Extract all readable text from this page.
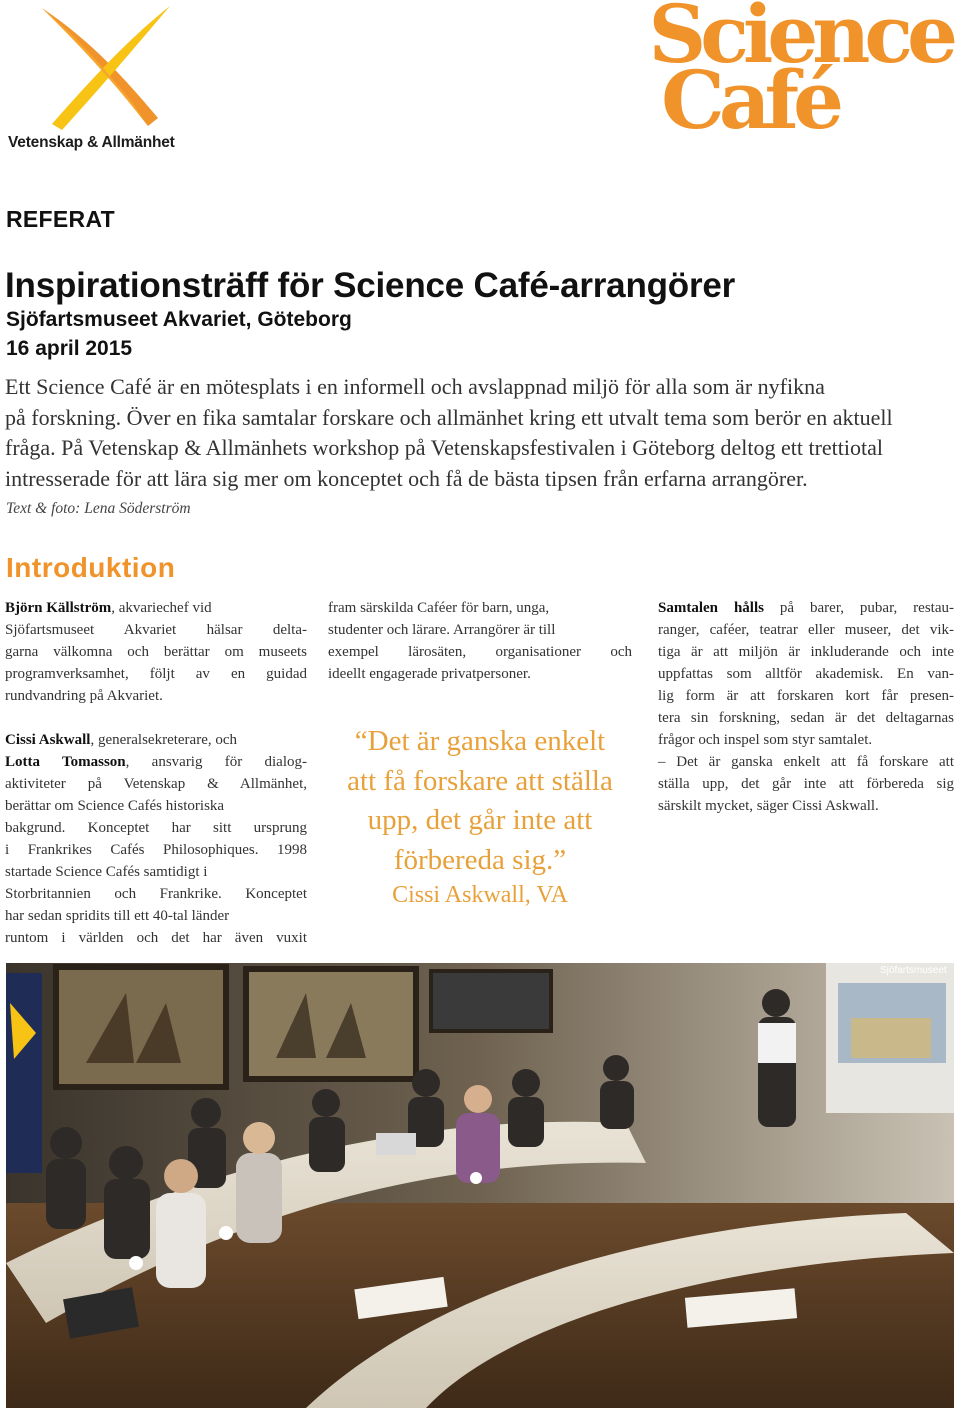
Vetenskap & Allmänhet
Science
Café
REFERAT
Inspirationsträff för Science Café-arrangörer
Sjöfartsmuseet Akvariet, Göteborg
16 april 2015
Ett Science Café är en mötesplats i en informell och avslappnad miljö för alla som är nyfikna
på forskning. Över en fika samtalar forskare och allmänhet kring ett utvalt tema som berör en aktuell
fråga. På Vetenskap & Allmänhets workshop på Vetenskapsfestivalen i Göteborg deltog ett trettiotal
intresserade för att lära sig mer om konceptet och få de bästa tipsen från erfarna arrangörer.
Text & foto: Lena Söderström
Introduktion

Björn Källström, akvariechef vid
Sjöfartsmuseet Akvariet hälsar delta-
garna välkomna och berättar om museets
programverksamhet, följt av en guidad
rundvandring på Akvariet.

Cissi Askwall, generalsekreterare, och
Lotta Tomasson, ansvarig för dialog-
aktiviteter på Vetenskap & Allmänhet,
berättar om Science Cafés historiska
bakgrund. Konceptet har sitt ursprung
i Frankrikes Cafés Philosophiques. 1998
startade Science Cafés samtidigt i
Storbritannien och Frankrike. Konceptet
har sedan spridits till ett 40-tal länder
runtom i världen och det har även vuxit

fram särskilda Caféer för barn, unga,
studenter och lärare. Arrangörer är till
exempel lärosäten, organisationer och
ideellt engagerade privatpersoner.
“Det är ganska enkelt
att få forskare att ställa
upp, det går inte att
förbereda sig.”
Cissi Askwall, VA

Samtalen hålls på barer, pubar, restau-
ranger, caféer, teatrar eller museer, det vik-
tiga är att miljön är inkluderande och inte
uppfattas som alltför akademisk. En van-
lig form är att forskaren kort får presen-
tera sin forskning, sedan är det deltagarnas
frågor och inspel som styr samtalet.

– Det är ganska enkelt att få forskare att
ställa upp, det går inte att förbereda sig
särskilt mycket, säger Cissi Askwall.

Sjöfartsmuseet
